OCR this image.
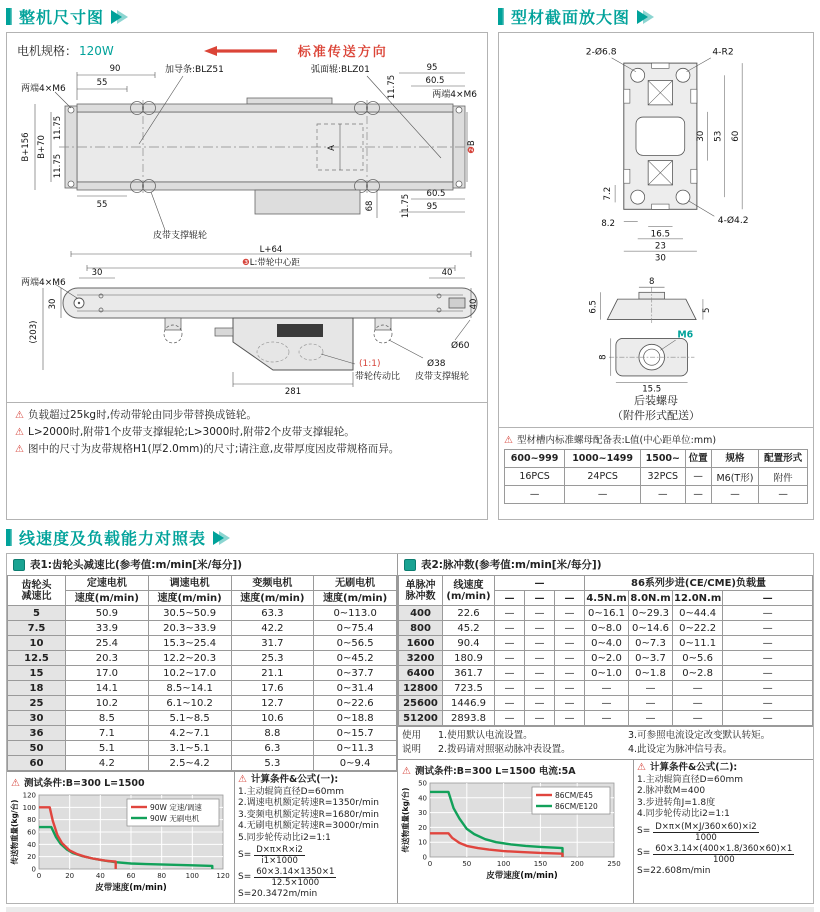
整机尺寸图
电机规格： 120W	标准传送方向
两端4×M6
90
55
加导条:BLZ51	弧面辊:BLZ01
11.75
95
60.5
两端4×M6
B+156 B+70
11.75
11.75
A	❷B
55
皮带支撑辊轮
68	11.75 60.5
95
L+64
❸L:带轮中心距
两端4×M6
30
30
(203)
40
40
Ø60
Ø38
皮带支撑辊轮
(1:1)
带轮传动比
281
⚠ 负载超过25kg时,传动带轮由同步带替换成链轮。
⚠ L>2000时,附带1个皮带支撑辊轮;L>3000时,附带2个皮带支撑辊轮。
⚠ 图中的尺寸为皮带规格H1(厚2.0mm)的尺寸;请注意,皮带厚度因皮带规格而异。
型材截面放大图
2-Ø6.8	4-R2
30 53 60
7.2
8.2
16.5
23
30
4-Ø4.2
8
6.5	5
M6
8
15.5
后装螺母
（附件形式配送）
⚠ 型材槽内标准螺母配备表:L值(中心距单位:mm)
600~999	1000~1499	1500~	位置	规格	配置形式
16PCS	24PCS	32PCS	—	M6(T形)	附件
—	—	—	—	—	—
线速度及负载能力对照表
表1:齿轮头减速比(参考值:m/min[米/每分])
齿轮头
减速比	定速电机	调速电机	变频电机	无刷电机
	速度(m/min)	速度(m/min)	速度(m/min)	速度(m/min)
5	50.9	30.5~50.9	63.3	0~113.0
7.5	33.9	20.3~33.9	42.2	0~75.4
10	25.4	15.3~25.4	31.7	0~56.5
12.5	20.3	12.2~20.3	25.3	0~45.2
15	17.0	10.2~17.0	21.1	0~37.7
18	14.1	8.5~14.1	17.6	0~31.4
25	10.2	6.1~10.2	12.7	0~22.6
30	8.5	5.1~8.5	10.6	0~18.8
36	7.1	4.2~7.1	8.8	0~15.7
50	5.1	3.1~5.1	6.3	0~11.3
60	4.2	2.5~4.2	5.3	0~9.4
⚠ 测试条件:B=300 L=1500
0	20	40	60	80	100 120
0
20
40
60
80
100
120
90W 定速/调速
90W 无刷电机
皮带速度(m/min)
传送物重量(kg/台)
⚠ 计算条件&公式(一):
1.主动辊筒直径D=60mm
2.调速电机额定转速R=1350r/min
3.变频电机额定转速R=1680r/min
4.无刷电机额定转速R=3000r/min
5.同步轮传动比i2=1:1
$S= \frac{D\times\pi\times R\times i2}{i1\times 1000}$
$S= \frac{60\times 3.14\times 1350\times 1}{12.5\times 1000}$
S=20.3472m/min
表2:脉冲数(参考值:m/min[米/每分])
单脉冲
脉冲数	线速度
(m/min)	—			86系列步进(CE/CME)负载量			
		—	—	—	4.5N.m	8.0N.m	12.0N.m	—
400	22.6	—	—	—	0~16.1	0~29.3	0~44.4	—
800	45.2	—	—	—	0~8.0	0~14.6	0~22.2	—
1600	90.4	—	—	—	0~4.0	0~7.3	0~11.1	—
3200	180.9	—	—	—	0~2.0	0~3.7	0~5.6	—
6400	361.7	—	—	—	0~1.0	0~1.8	0~2.8	—
12800	723.5	—	—	—	—	—	—	—
25600	1446.9	—	—	—	—	—	—	—
51200	2893.8	—	—	—	—	—	—	—
使用
说明
1.使用默认电流设置。	3.可参照电流设定改变默认转矩。
2.拨码请对照驱动脉冲表设置。	4.此设定为脉冲信号表。
⚠ 测试条件:B=300 L=1500 电流:5A
0	50	100	150	200	250
0
10
20
30
40
50
86CM/E45
86CM/E120
皮带速度(m/min)
传送物重量(kg/台)
⚠ 计算条件&公式(二):
1.主动辊筒直径D=60mm
2.脉冲数M=400
3.步进转角J=1.8度
4.同步轮传动比i2=1:1
$S= \frac{D\times\pi\times(M\times J/360\times 60)\times i2}{1000}$
$S= \frac{60\times 3.14\times(400\times 1.8/360\times 60)\times 1}{1000}$
S=22.608m/min
